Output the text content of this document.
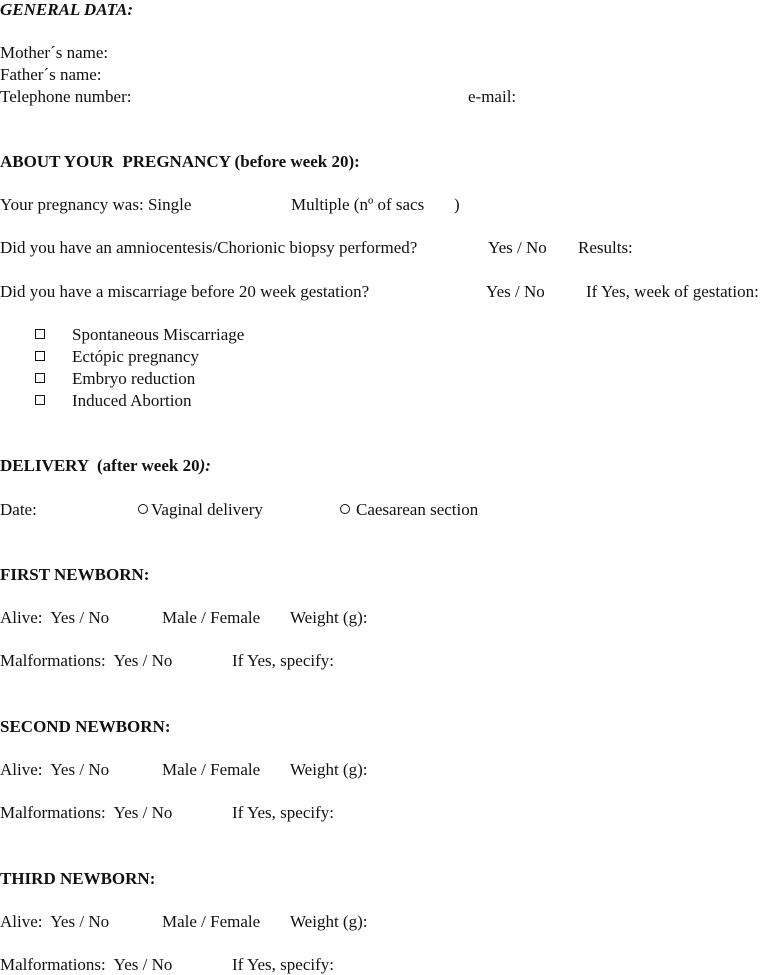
GENERAL DATA:
Mother´s name:
Father´s name:
Telephone number:	e-mail:
ABOUT YOUR  PREGNANCY (before week 20):
Your pregnancy was: Single	Multiple (nº of sacs       )
Did you have an amniocentesis/Chorionic biopsy performed?	Yes / No Results:
Did you have a miscarriage before 20 week gestation?	Yes / No If Yes, week of gestation:
Spontaneous Miscarriage
Ectópic pregnancy
Embryo reduction
Induced Abortion
DELIVERY  (after week 20):
Date:	Vaginal delivery	Caesarean section
FIRST NEWBORN:
Alive:  Yes / No	Male / Female Weight (g):
Malformations:  Yes / No	If Yes, specify:
SECOND NEWBORN:
Alive:  Yes / No	Male / Female Weight (g):
Malformations:  Yes / No	If Yes, specify:
THIRD NEWBORN:
Alive:  Yes / No	Male / Female Weight (g):
Malformations:  Yes / No	If Yes, specify:
